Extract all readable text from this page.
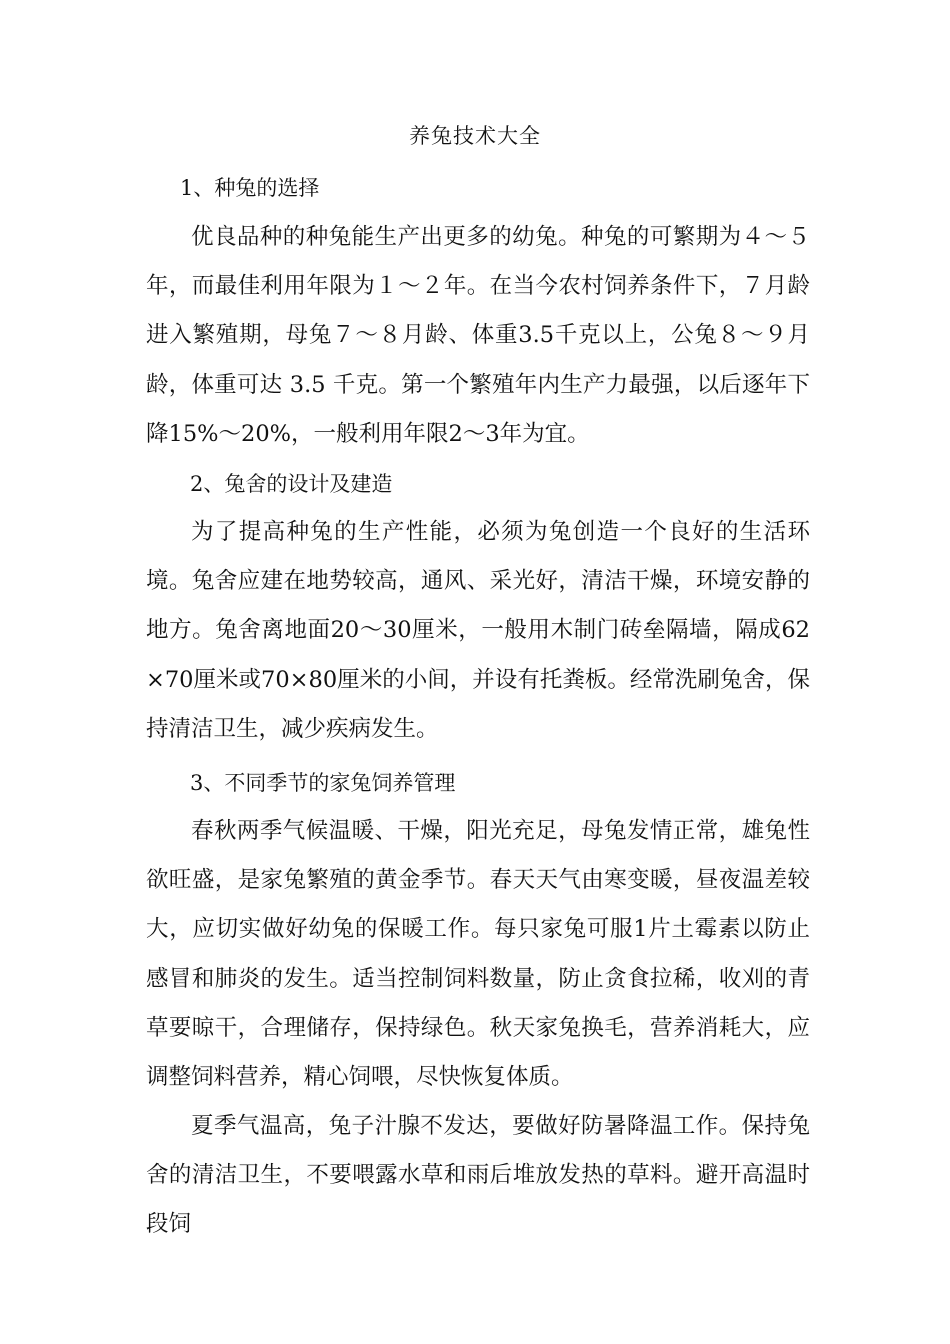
养兔技术大全
1、种兔的选择
优良品种的种兔能生产出更多的幼兔。种兔的可繁期为４～５年，而最佳利用年限为１～２年。在当今农村饲养条件下，７月龄进入繁殖期，母兔７～８月龄、体重3.5千克以上，公兔８～９月龄，体重可达 3.5 千克。第一个繁殖年内生产力最强，以后逐年下降15%～20%，一般利用年限2～3年为宜。
2、兔舍的设计及建造
为了提高种兔的生产性能，必须为兔创造一个良好的生活环境。兔舍应建在地势较高，通风、采光好，清洁干燥，环境安静的地方。兔舍离地面20～30厘米，一般用木制门砖垒隔墙，隔成62×70厘米或70×80厘米的小间，并设有托粪板。经常洗刷兔舍，保持清洁卫生，减少疾病发生。
3、不同季节的家兔饲养管理
春秋两季气候温暖、干燥，阳光充足，母兔发情正常，雄兔性欲旺盛，是家兔繁殖的黄金季节。春天天气由寒变暖，昼夜温差较大，应切实做好幼兔的保暖工作。每只家兔可服1片土霉素以防止感冒和肺炎的发生。适当控制饲料数量，防止贪食拉稀，收刈的青草要晾干，合理储存，保持绿色。秋天家兔换毛，营养消耗大，应调整饲料营养，精心饲喂，尽快恢复体质。
夏季气温高，兔子汁腺不发达，要做好防暑降温工作。保持兔舍的清洁卫生，不要喂露水草和雨后堆放发热的草料。避开高温时段饲
